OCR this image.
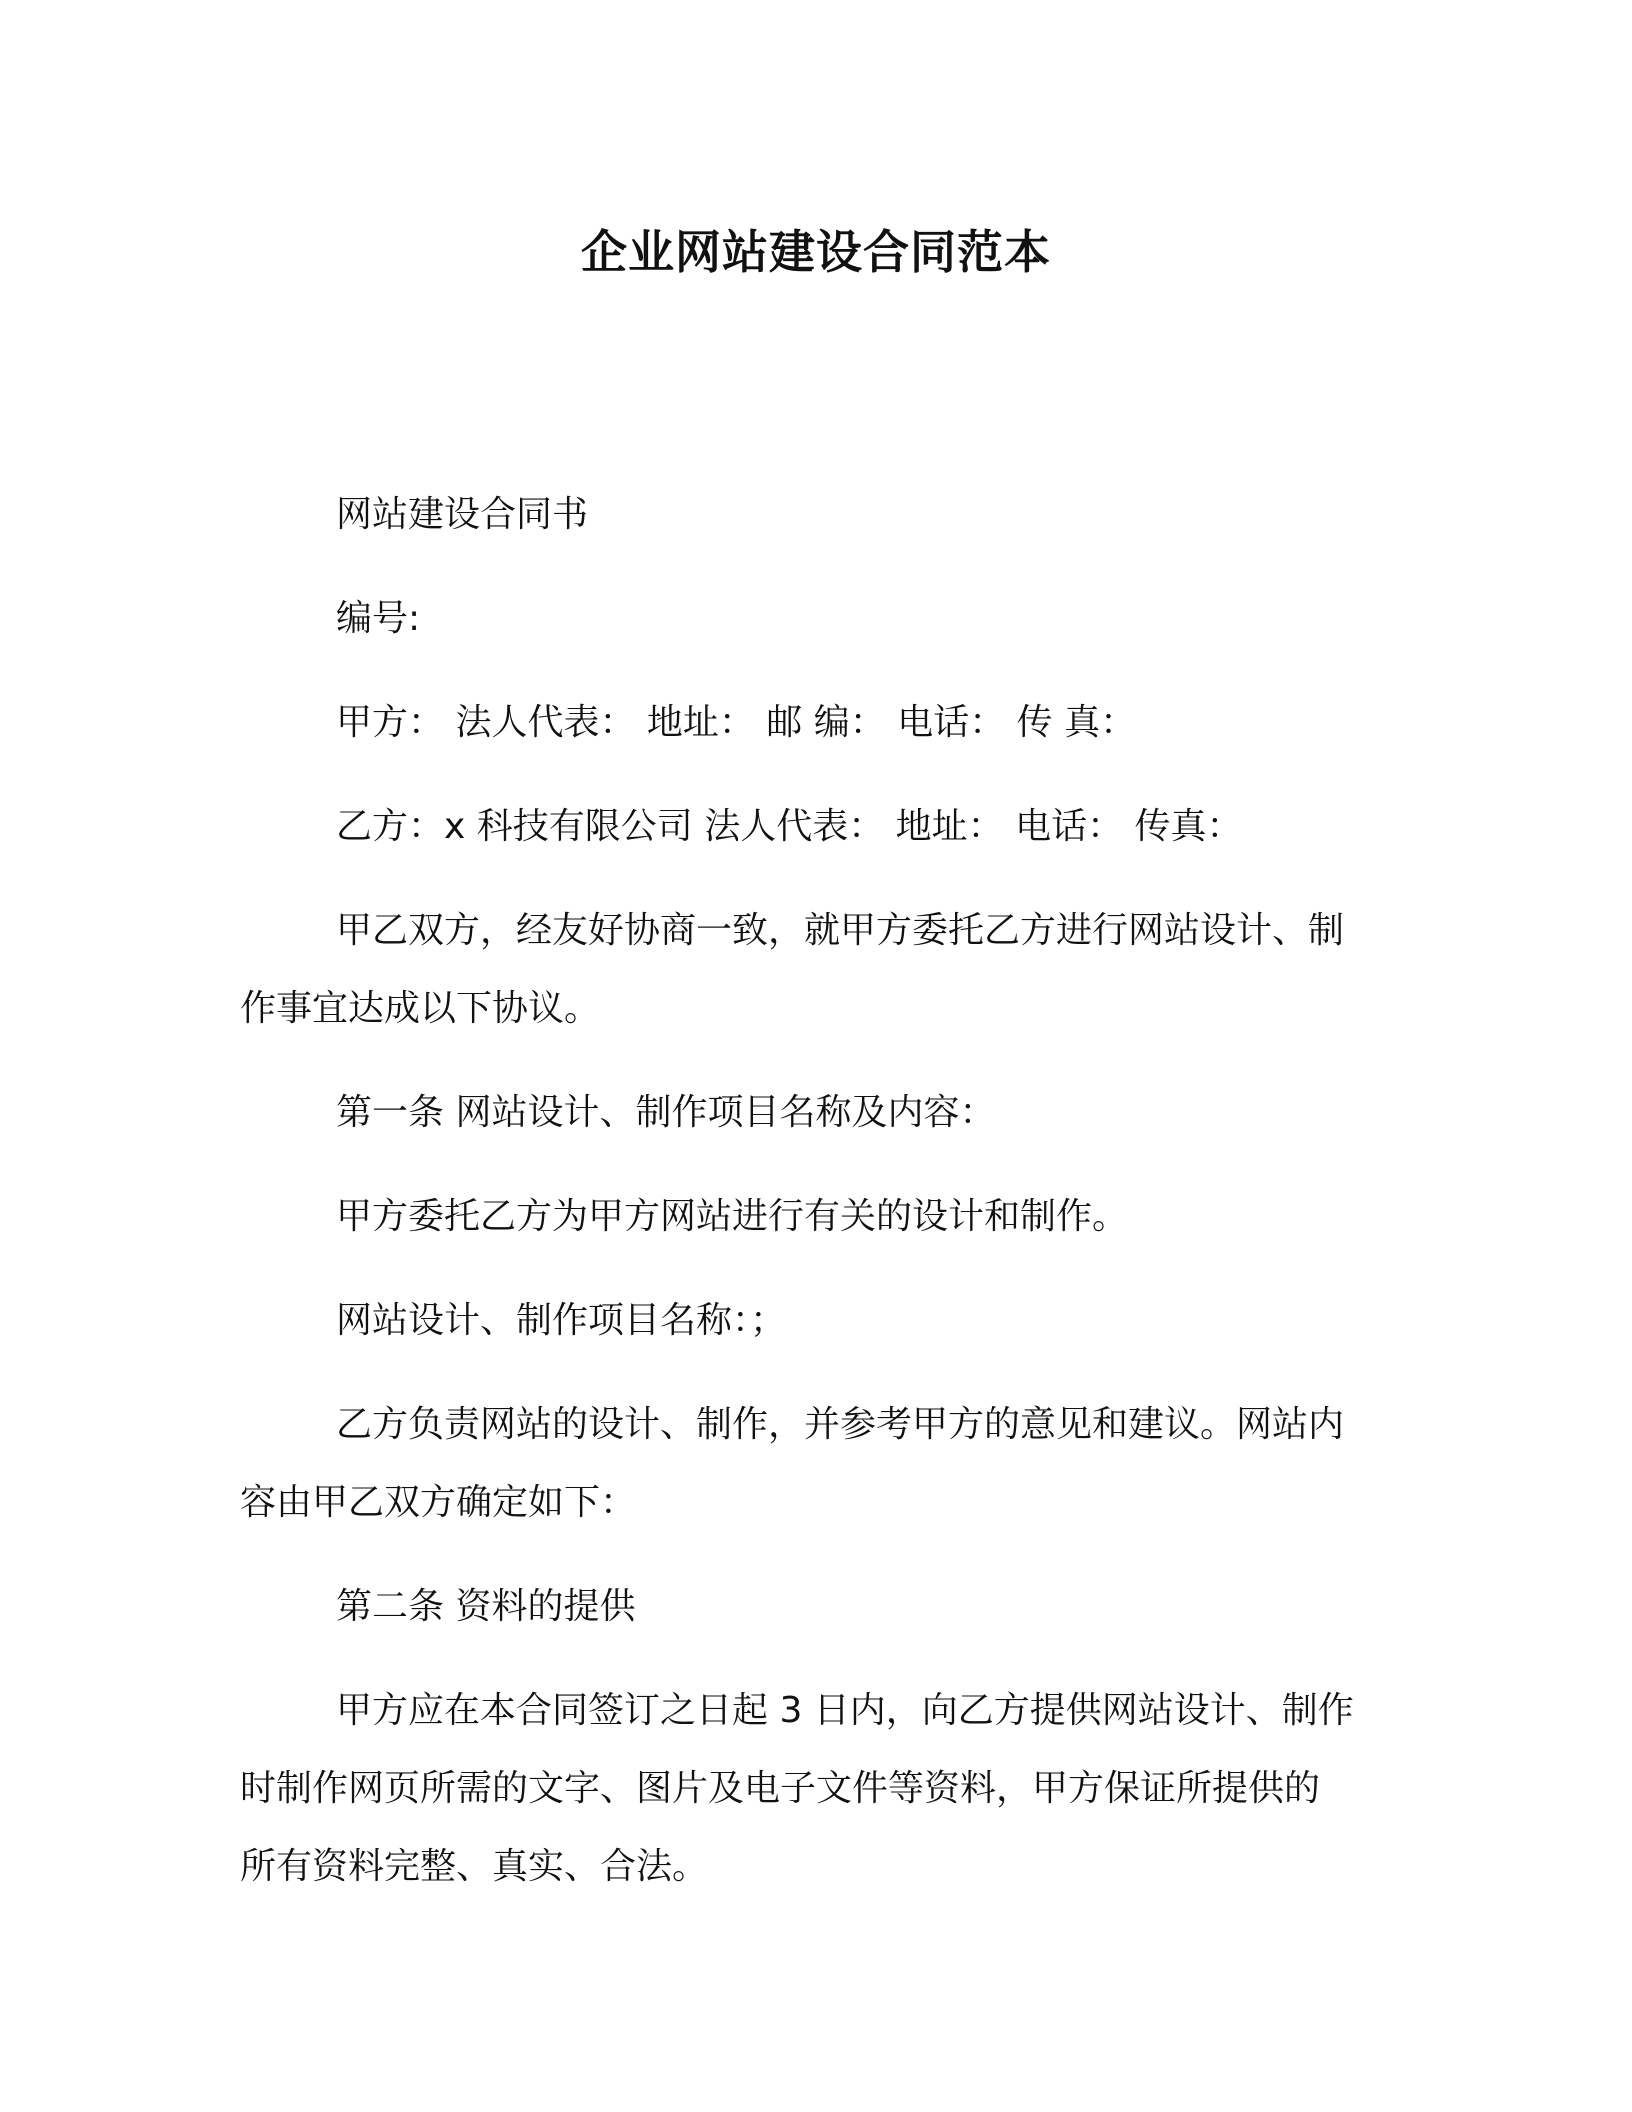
企业网站建设合同范本
网站建设合同书
编号:
甲方： 法人代表： 地址： 邮 编： 电话： 传 真：
乙方：x 科技有限公司 法人代表： 地址： 电话： 传真：
甲乙双方，经友好协商一致，就甲方委托乙方进行网站设计、制
作事宜达成以下协议。
第一条 网站设计、制作项目名称及内容：
甲方委托乙方为甲方网站进行有关的设计和制作。
网站设计、制作项目名称：；
乙方负责网站的设计、制作，并参考甲方的意见和建议。网站内
容由甲乙双方确定如下：
第二条 资料的提供
甲方应在本合同签订之日起 3 日内，向乙方提供网站设计、制作
时制作网页所需的文字、图片及电子文件等资料，甲方保证所提供的
所有资料完整、真实、合法。
